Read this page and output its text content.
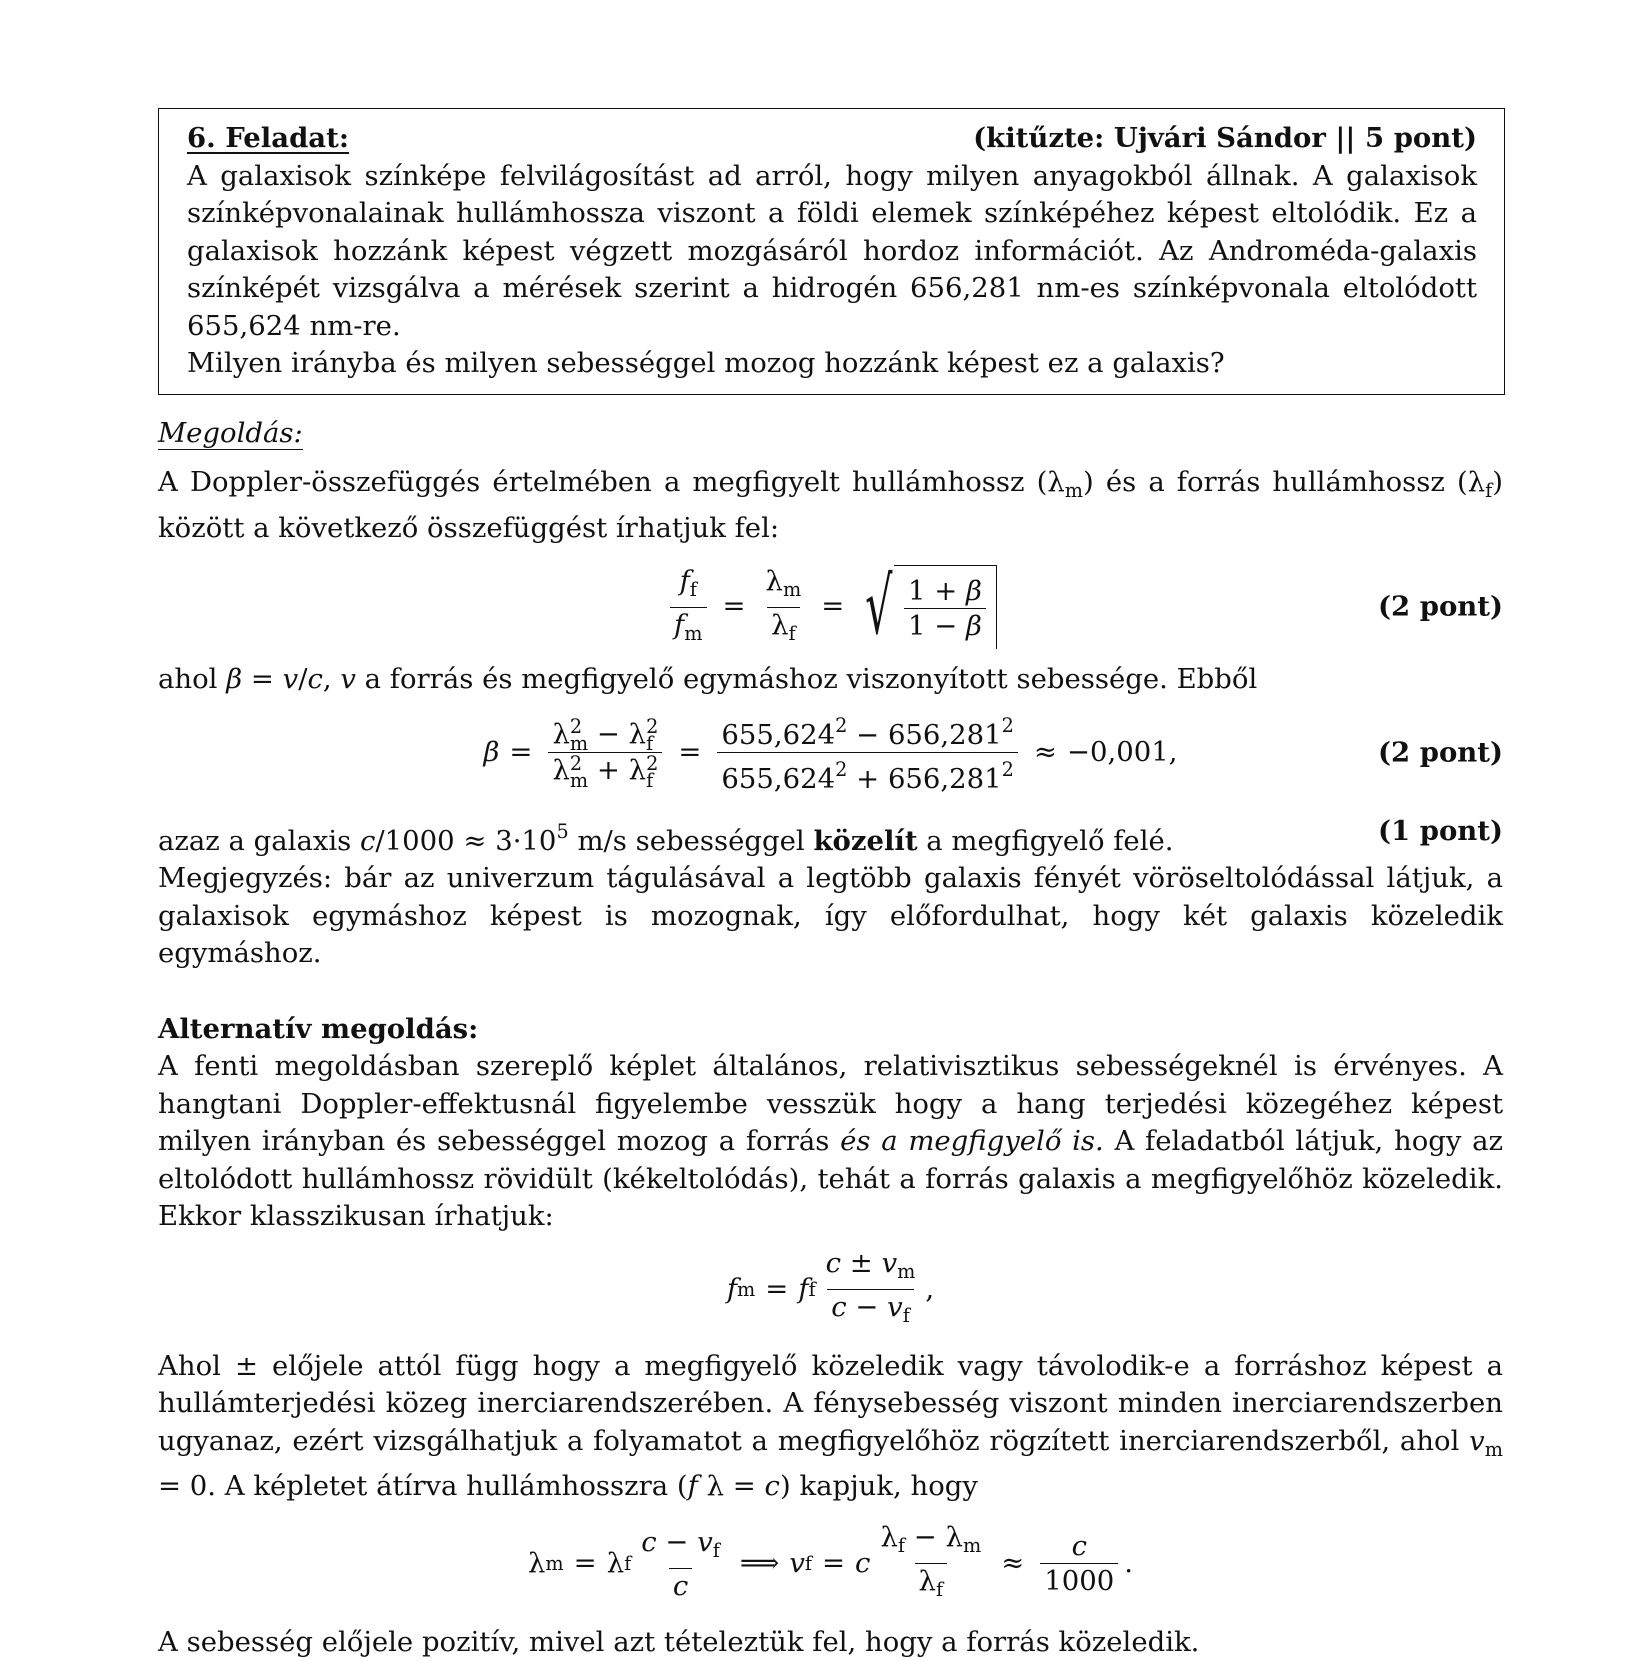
6. Feladat:	(kitűzte: Ujvári Sándor || 5 pont)

A galaxisok színképe felvilágosítást ad arról, hogy milyen anyagokból állnak. A galaxisok színképvonalainak hullámhossza viszont a földi elemek színképéhez képest eltolódik. Ez a galaxisok hozzánk képest végzett mozgásáról hordoz információt. Az Androméda-galaxis színképét vizsgálva a mérések szerint a hidrogén 656,281 nm-es színképvonala eltolódott 655,624 nm-re.

Milyen irányba és milyen sebességgel mozog hozzánk képest ez a galaxis?

Megoldás:

A Doppler-összefüggés értelmében a megfigyelt hullámhossz $(\lambda_m)$ és a forrás hullámhossz $(\lambda_f)$ között a következő összefüggést írhatjuk fel:

$\frac{f_f}{f_m} = \frac{\lambda_m}{\lambda_f}$ = √ $\frac{1 + \beta}{1 - \beta}$	(2 pont)

ahol β = v/c, v a forrás és megfigyelő egymáshoz viszonyított sebessége. Ebből

β = λ 2
m − λ 2
f
λ 2
m + λ 2
$f = \frac{655,624^2 - 656,281^2}{655,624^2 + 656,281^2} \approx -0,001$,	(2 pont)
azaz a galaxis $c/1000 \approx 3\cdot 10^5$ m/s sebességgel közelít a megfigyelő felé.	(1 pont)

Megjegyzés: bár az univerzum tágulásával a legtöbb galaxis fényét vöröseltolódással látjuk, a galaxisok egymáshoz képest is mozognak, így előfordulhat, hogy két galaxis közeledik egymáshoz.

Alternatív megoldás:

A fenti megoldásban szereplő képlet általános, relativisztikus sebességeknél is érvényes. A hangtani Doppler-effektusnál figyelembe vesszük hogy a hang terjedési közegéhez képest milyen irányban és sebességgel mozog a forrás és a megfigyelő is. A feladatból látjuk, hogy az eltolódott hullámhossz rövidült (kékeltolódás), tehát a forrás galaxis a megfigyelőhöz közeledik. Ekkor klasszikusan írhatjuk:

f m = f f $\frac{c \pm v_m}{c - v_f}$ ,

Ahol ± előjele attól függ hogy a megfigyelő közeledik vagy távolodik-e a forráshoz képest a hullámterjedési közeg inerciarendszerében. A fénysebesség viszont minden inerciarendszerben ugyanaz, ezért vizsgálhatjuk a folyamatot a megfigyelőhöz rögzített inerciarendszerből, ahol $v_m = 0$. A képletet átírva hullámhosszra (f λ = c) kapjuk, hogy

λ m = λ f $\frac{c - v_f}{c}$ ⟹ v f = c $\frac{\lambda_f - \lambda_m}{\lambda_f} \approx \frac{c}{1000}$ .

A sebesség előjele pozitív, mivel azt tételeztük fel, hogy a forrás közeledik.
